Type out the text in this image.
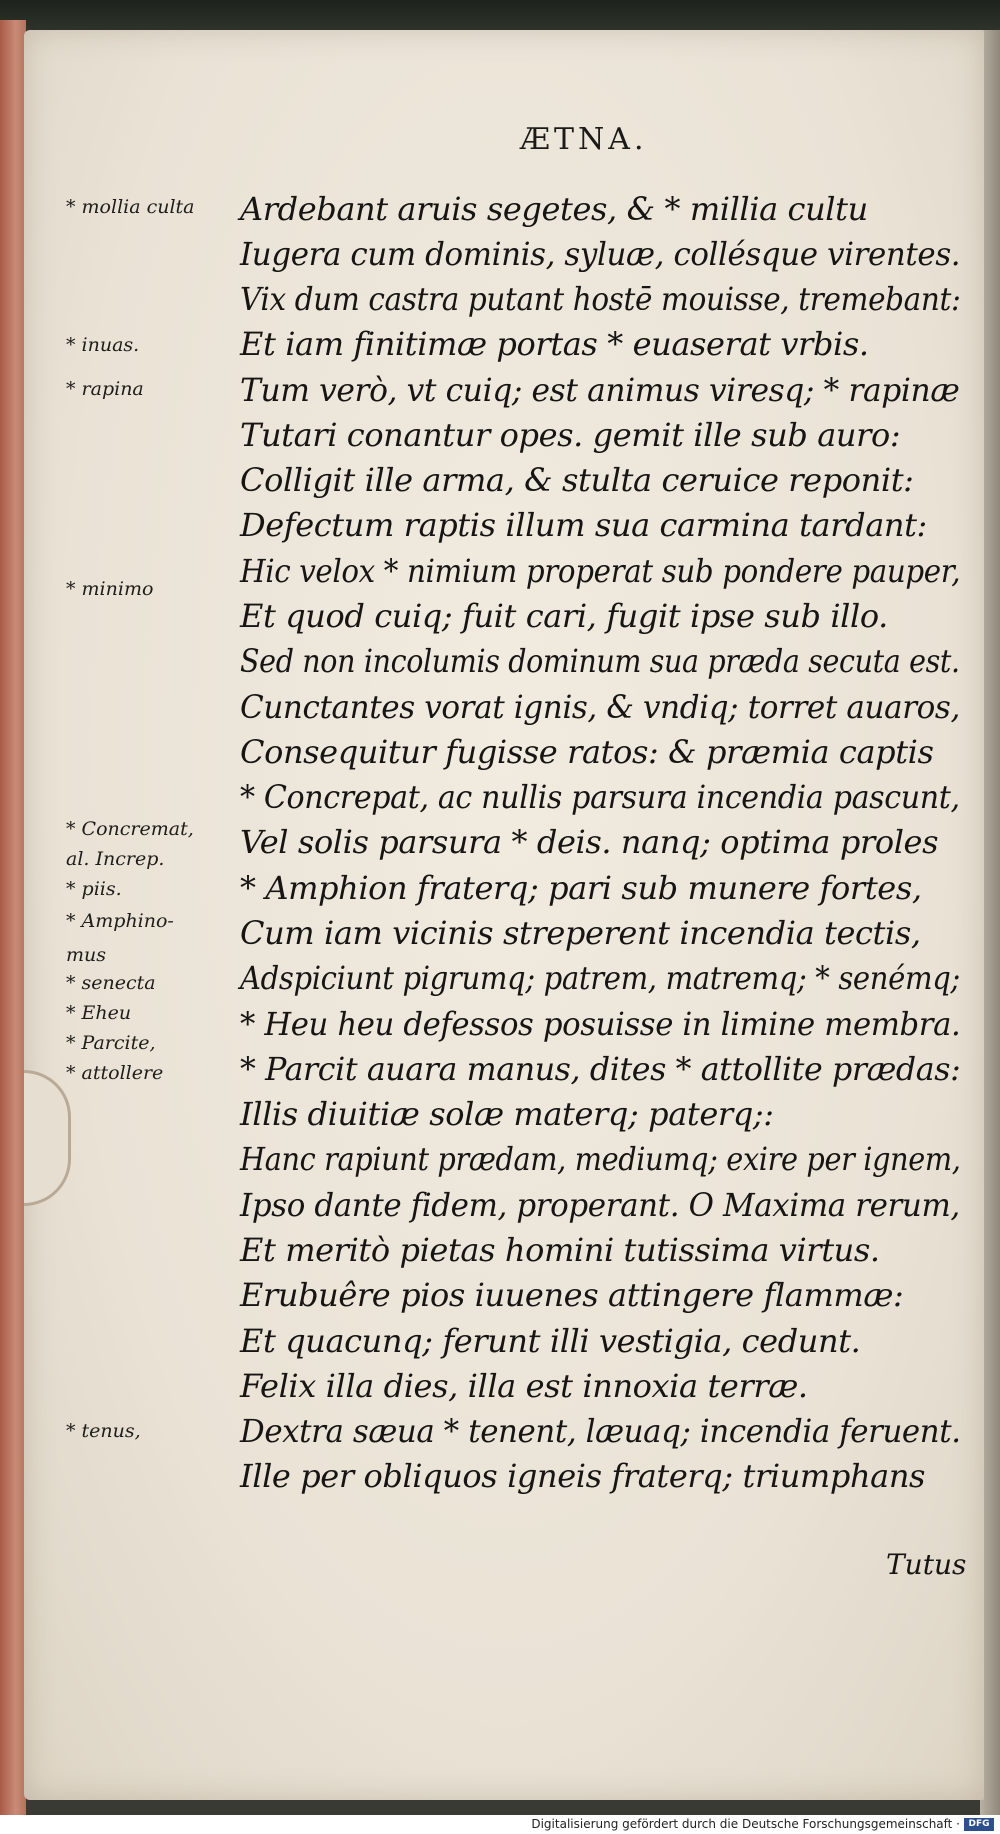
ÆTNA.
Ardebant aruis segetes, & * millia cultu
Iugera cum dominis, syluæ, collésque virentes.
Vix dum castra putant hostē mouisse, tremebant:
Et iam finitimæ portas * euaserat vrbis.
Tum verò, vt cuiq; est animus viresq; * rapinæ
Tutari conantur opes. gemit ille sub auro:
Colligit ille arma, & stulta ceruice reponit:
Defectum raptis illum sua carmina tardant:
Hic velox * nimium properat sub pondere pauper,
Et quod cuiq; fuit cari, fugit ipse sub illo.
Sed non incolumis dominum sua præda secuta est.
Cunctantes vorat ignis, & vndiq; torret auaros,
Consequitur fugisse ratos: & præmia captis
* Concrepat, ac nullis parsura incendia pascunt,
Vel solis parsura * deis. nanq; optima proles
* Amphion fraterq; pari sub munere fortes,
Cum iam vicinis streperent incendia tectis,
Adspiciunt pigrumq; patrem, matremq; * senémq;
* Heu heu defessos posuisse in limine membra.
* Parcit auara manus, dites * attollite prædas:
Illis diuitiæ solæ materq; paterq;:
Hanc rapiunt prædam, mediumq; exire per ignem,
Ipso dante fidem, properant. O Maxima rerum,
Et meritò pietas homini tutissima virtus.
Erubuêre pios iuuenes attingere flammæ:
Et quacunq; ferunt illi vestigia, cedunt.
Felix illa dies, illa est innoxia terræ.
Dextra sæua * tenent, læuaq; incendia feruent.
Ille per obliquos igneis fraterq; triumphans
* mollia culta
* inuas.
* rapina
* minimo
* Concremat,
al. Increp.
* piis.
* Amphino-
mus
* senecta
* Eheu
* Parcite,
* attollere
* tenus,
Tutus
Digitalisierung gefördert durch die Deutsche Forschungsgemeinschaft · DFG
